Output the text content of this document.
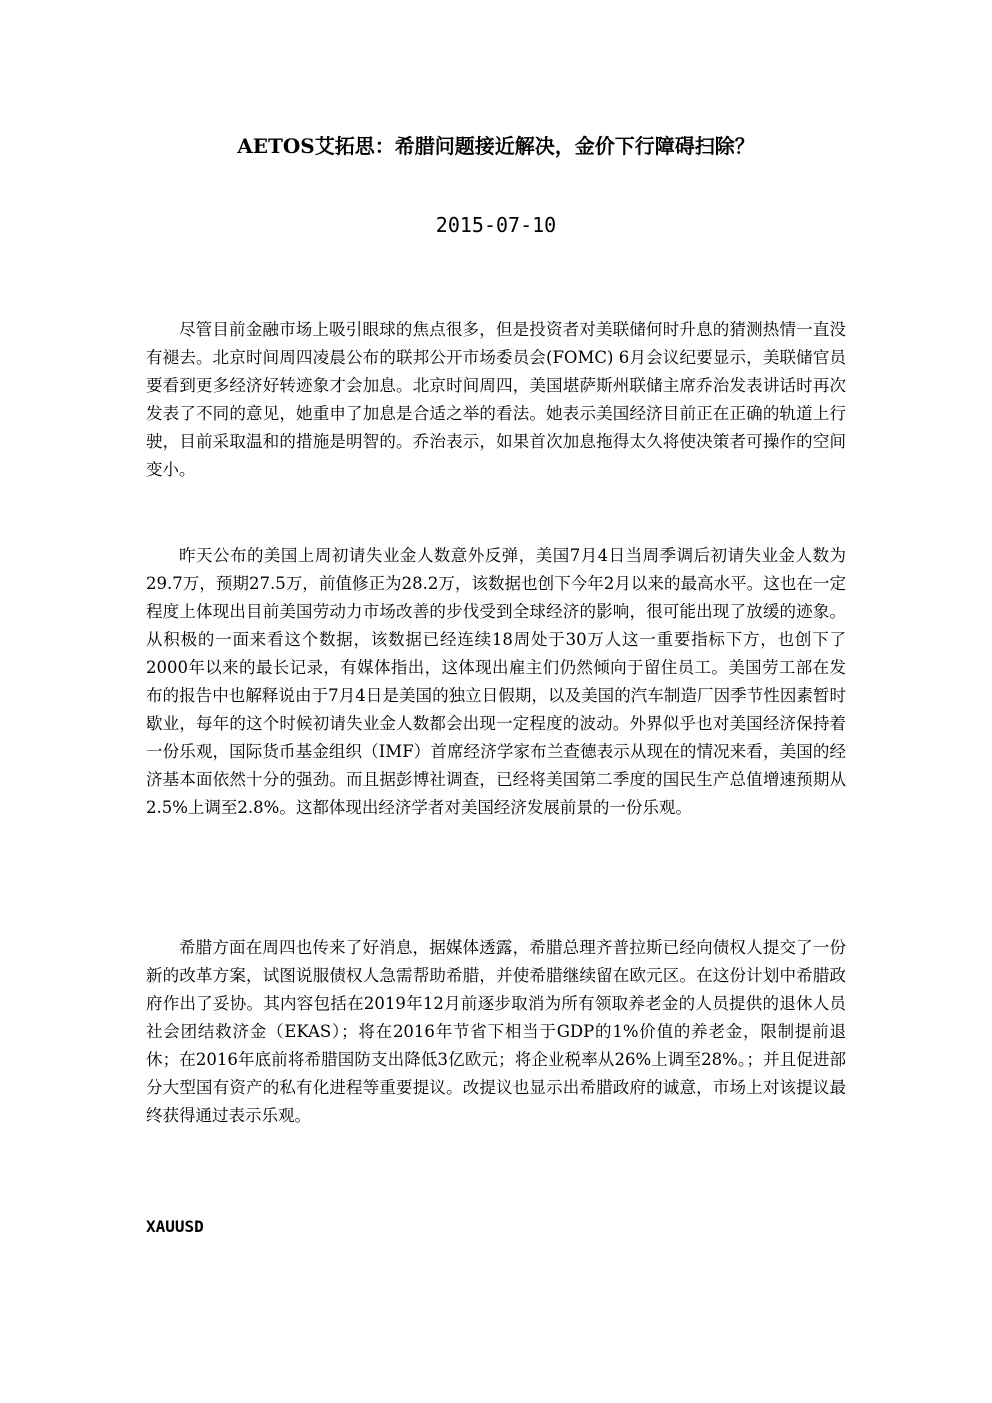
AETOS艾拓思：希腊问题接近解决，金价下行障碍扫除？
2015-07-10

尽管目前金融市场上吸引眼球的焦点很多，但是投资者对美联储何时升息的猜测热情一直没有褪去。北京时间周四凌晨公布的联邦公开市场委员会(FOMC) 6月会议纪要显示，美联储官员要看到更多经济好转迹象才会加息。北京时间周四，美国堪萨斯州联储主席乔治发表讲话时再次发表了不同的意见，她重申了加息是合适之举的看法。她表示美国经济目前正在正确的轨道上行驶，目前采取温和的措施是明智的。乔治表示，如果首次加息拖得太久将使决策者可操作的空间变小。

昨天公布的美国上周初请失业金人数意外反弹，美国7月4日当周季调后初请失业金人数为29.7万，预期27.5万，前值修正为28.2万，该数据也创下今年2月以来的最高水平。这也在一定程度上体现出目前美国劳动力市场改善的步伐受到全球经济的影响，很可能出现了放缓的迹象。从积极的一面来看这个数据，该数据已经连续18周处于30万人这一重要指标下方，也创下了2000年以来的最长记录，有媒体指出，这体现出雇主们仍然倾向于留住员工。美国劳工部在发布的报告中也解释说由于7月4日是美国的独立日假期，以及美国的汽车制造厂因季节性因素暂时歇业，每年的这个时候初请失业金人数都会出现一定程度的波动。外界似乎也对美国经济保持着一份乐观，国际货币基金组织（IMF）首席经济学家布兰查德表示从现在的情况来看，美国的经济基本面依然十分的强劲。而且据彭博社调查，已经将美国第二季度的国民生产总值增速预期从2.5%上调至2.8%。这都体现出经济学者对美国经济发展前景的一份乐观。

希腊方面在周四也传来了好消息，据媒体透露，希腊总理齐普拉斯已经向债权人提交了一份新的改革方案，试图说服债权人急需帮助希腊，并使希腊继续留在欧元区。在这份计划中希腊政府作出了妥协。其内容包括在2019年12月前逐步取消为所有领取养老金的人员提供的退休人员社会团结救济金（EKAS）；将在2016年节省下相当于GDP的1%价值的养老金，限制提前退休；在2016年底前将希腊国防支出降低3亿欧元；将企业税率从26%上调至28%。；并且促进部分大型国有资产的私有化进程等重要提议。改提议也显示出希腊政府的诚意，市场上对该提议最终获得通过表示乐观。

XAUUSD
